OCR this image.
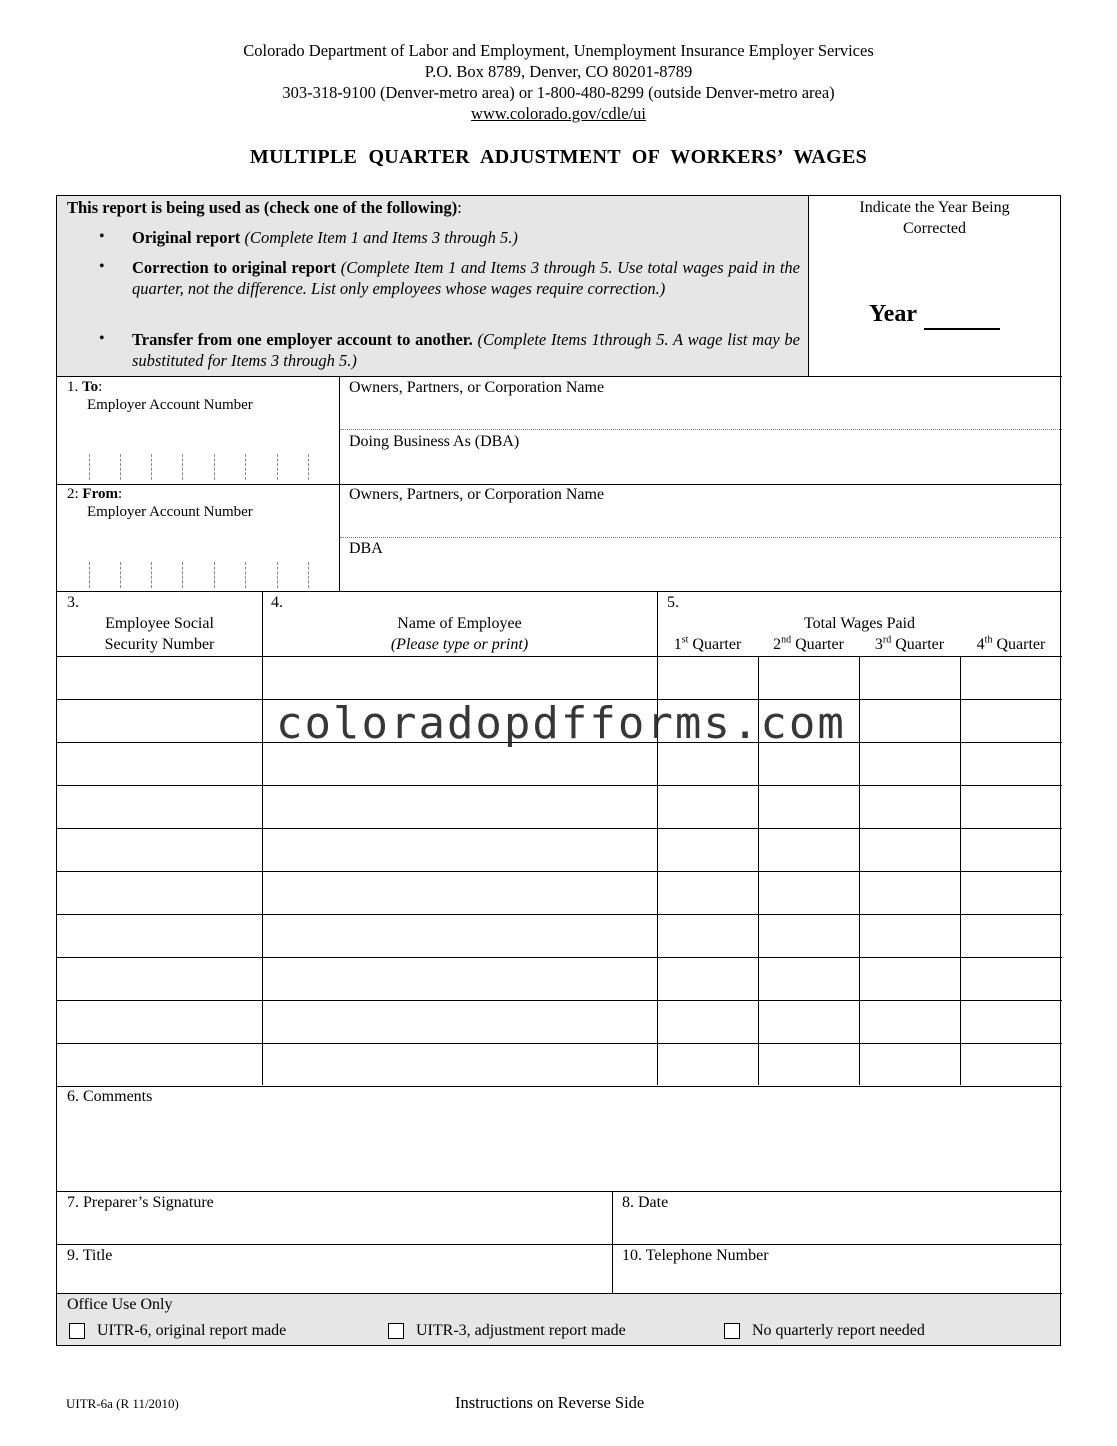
Colorado Department of Labor and Employment, Unemployment Insurance Employer Services
P.O. Box 8789, Denver, CO 80201-8789
303-318-9100 (Denver-metro area) or 1-800-480-8299 (outside Denver-metro area)
www.colorado.gov/cdle/ui
MULTIPLE QUARTER ADJUSTMENT OF WORKERS’ WAGES
This report is being used as (check one of the following):
• Original report (Complete Item 1 and Items 3 through 5.)
• Correction to original report (Complete Item 1 and Items 3 through 5. Use total wages paid in the quarter, not the difference. List only employees whose wages require correction.)
• Transfer from one employer account to another. (Complete Items 1through 5. A wage list may be substituted for Items 3 through 5.)
Indicate the Year Being Corrected
Year
1. To:
Employer Account Number
Owners, Partners, or Corporation Name
Doing Business As (DBA)
2: From:
Employer Account Number
Owners, Partners, or Corporation Name
DBA
3.
Employee Social
Security Number
4.
Name of Employee
(Please type or print)
5.
Total Wages Paid
1st Quarter	2nd Quarter	3rd Quarter	4th Quarter
6. Comments
7. Preparer’s Signature	8. Date
9. Title	10. Telephone Number
Office Use Only
UITR-6, original report made	UITR-3, adjustment report made	No quarterly report needed
coloradopdfforms.com
UITR-6a (R 11/2010)	Instructions on Reverse Side
